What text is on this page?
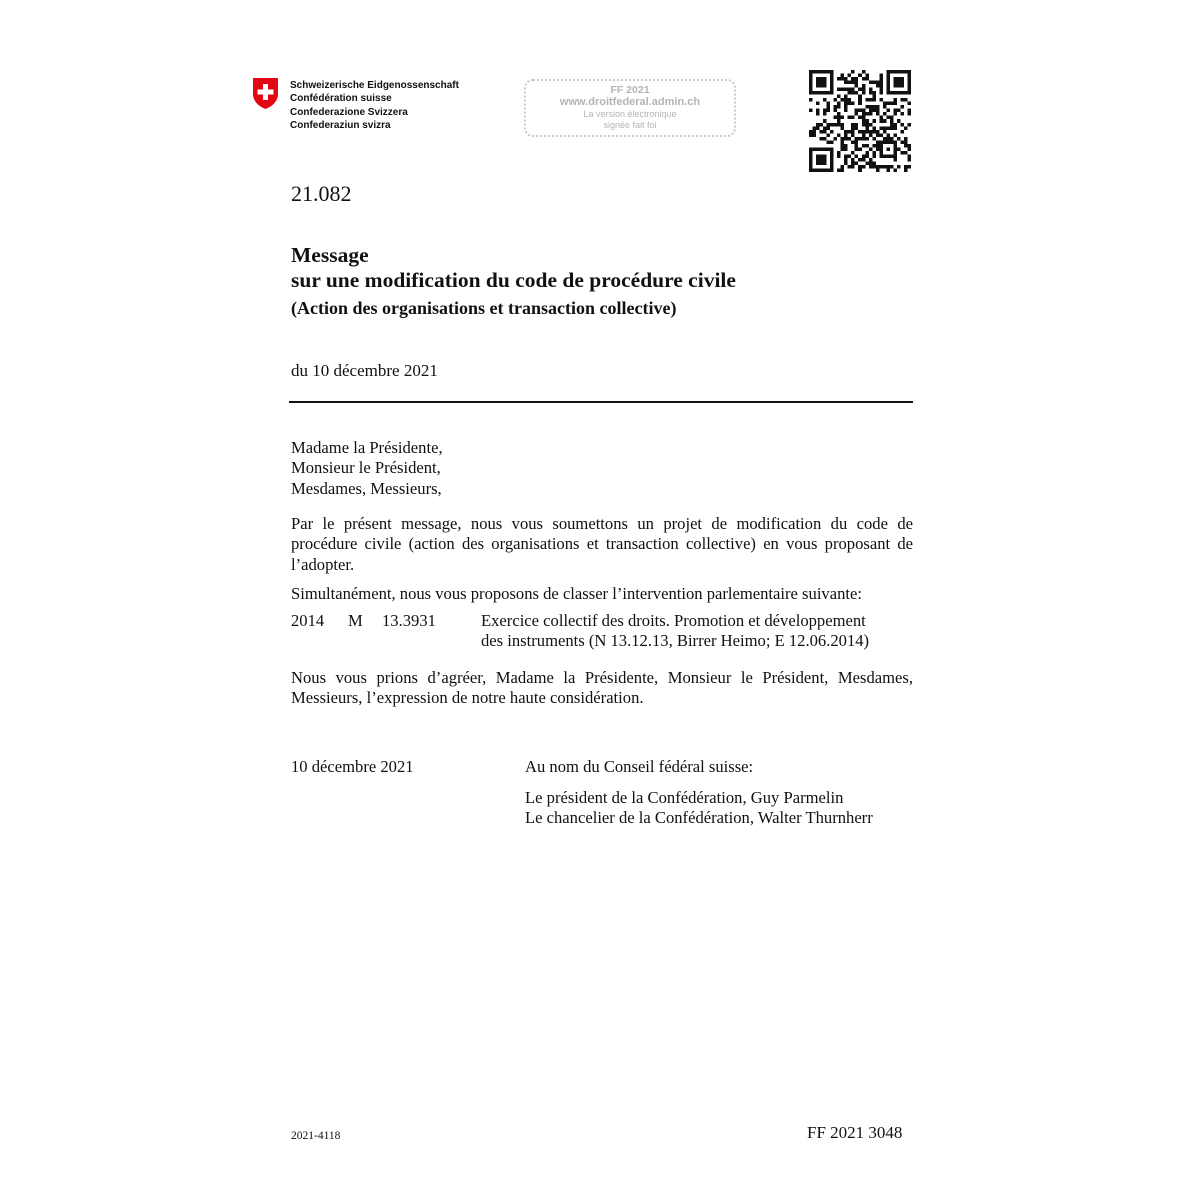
Schweizerische Eidgenossenschaft
Confédération suisse
Confederazione Svizzera
Confederaziun svizra
FF 2021
www.droitfederal.admin.ch
La version électronique
signée fait foi
21.082
Message
sur une modification du code de procédure civile
(Action des organisations et transaction collective)
du 10 décembre 2021
Madame la Présidente,
Monsieur le Président,
Mesdames, Messieurs,
Par le présent message, nous vous soumettons un projet de modification du code de procédure civile (action des organisations et transaction collective) en vous proposant de l’adopter.
Simultanément, nous vous proposons de classer l’intervention parlementaire suivante:
2014 M 13.3931	Exercice collectif des droits. Promotion et développement
des instruments (N 13.12.13, Birrer Heimo; E 12.06.2014)
Nous vous prions d’agréer, Madame la Présidente, Monsieur le Président, Mesdames, Messieurs, l’expression de notre haute considération.
10 décembre 2021	Au nom du Conseil fédéral suisse:
Le président de la Confédération, Guy Parmelin
Le chancelier de la Confédération, Walter Thurnherr
2021-4118	FF 2021 3048
